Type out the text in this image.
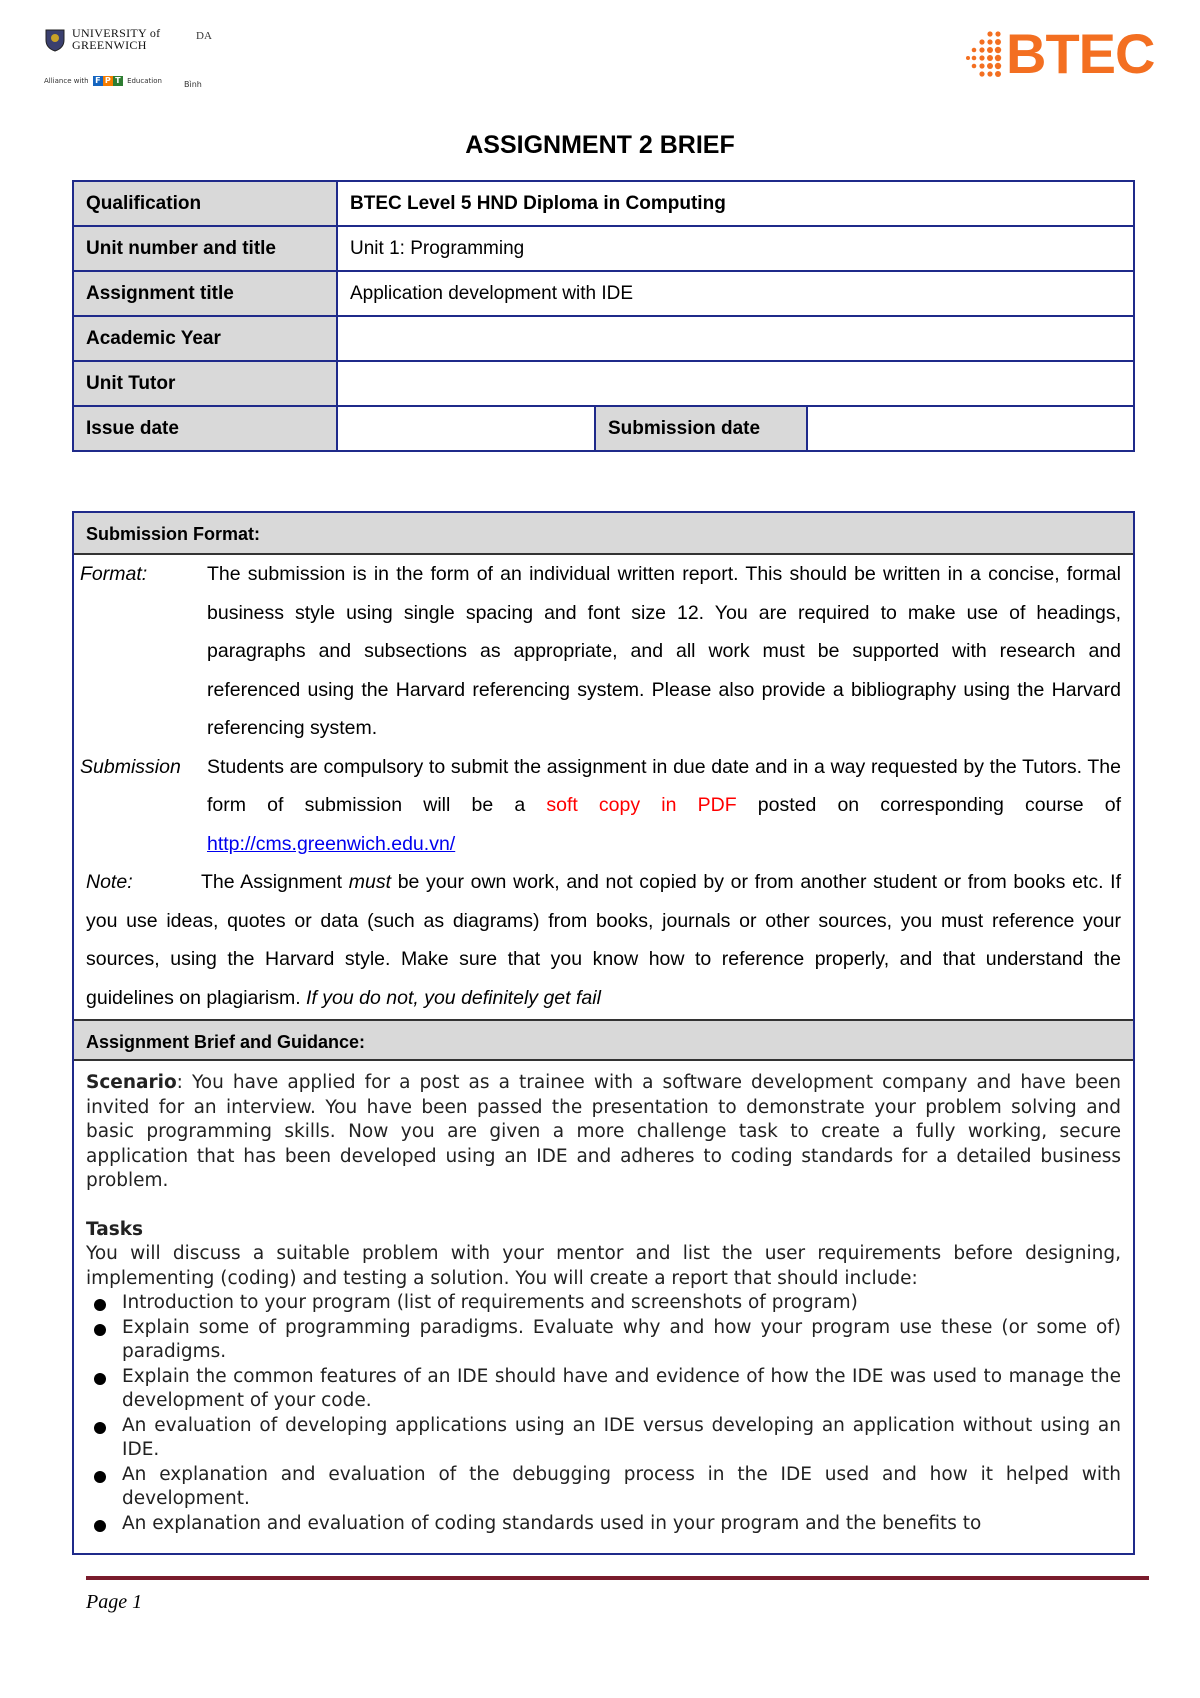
UNIVERSITY of
GREENWICH
DA
Alliance with F P T Education	Bình	BTEC
ASSIGNMENT 2 BRIEF
Qualification	BTEC Level 5 HND Diploma in Computing		
Unit number and title	Unit 1: Programming		
Assignment title	Application development with IDE		
Academic Year			
Unit Tutor			
Issue date		Submission date	
Submission Format:
Format:	The submission is in the form of an individual written report. This should be written in a concise, formal business style using single spacing and font size 12. You are required to make use of headings, paragraphs and subsections as appropriate, and all work must be supported with research and referenced using the Harvard referencing system. Please also provide a bibliography using the Harvard referencing system.
Submission	Students are compulsory to submit the assignment in due date and in a way requested by the Tutors. The form of submission will be a soft copy in PDF posted on corresponding course of http://cms.greenwich.edu.vn/
Note:	The Assignment must be your own work, and not copied by or from another student or from books etc. If you use ideas, quotes or data (such as diagrams) from books, journals or other sources, you must reference your sources, using the Harvard style. Make sure that you know how to reference properly, and that understand the guidelines on plagiarism. If you do not, you definitely get fail
Assignment Brief and Guidance:

Scenario: You have applied for a post as a trainee with a software development company and have been invited for an interview. You have been passed the presentation to demonstrate your problem solving and basic programming skills. Now you are given a more challenge task to create a fully working, secure application that has been developed using an IDE and adheres to coding standards for a detailed business problem.

Tasks

You will discuss a suitable problem with your mentor and list the user requirements before designing, implementing (coding) and testing a solution. You will create a report that should include:

Introduction to your program (list of requirements and screenshots of program)
Explain some of programming paradigms. Evaluate why and how your program use these (or some of) paradigms.
Explain the common features of an IDE should have and evidence of how the IDE was used to manage the development of your code.
An evaluation of developing applications using an IDE versus developing an application without using an IDE.
An explanation and evaluation of the debugging process in the IDE used and how it helped with development.
An explanation and evaluation of coding standards used in your program and the benefits to
Page 1
